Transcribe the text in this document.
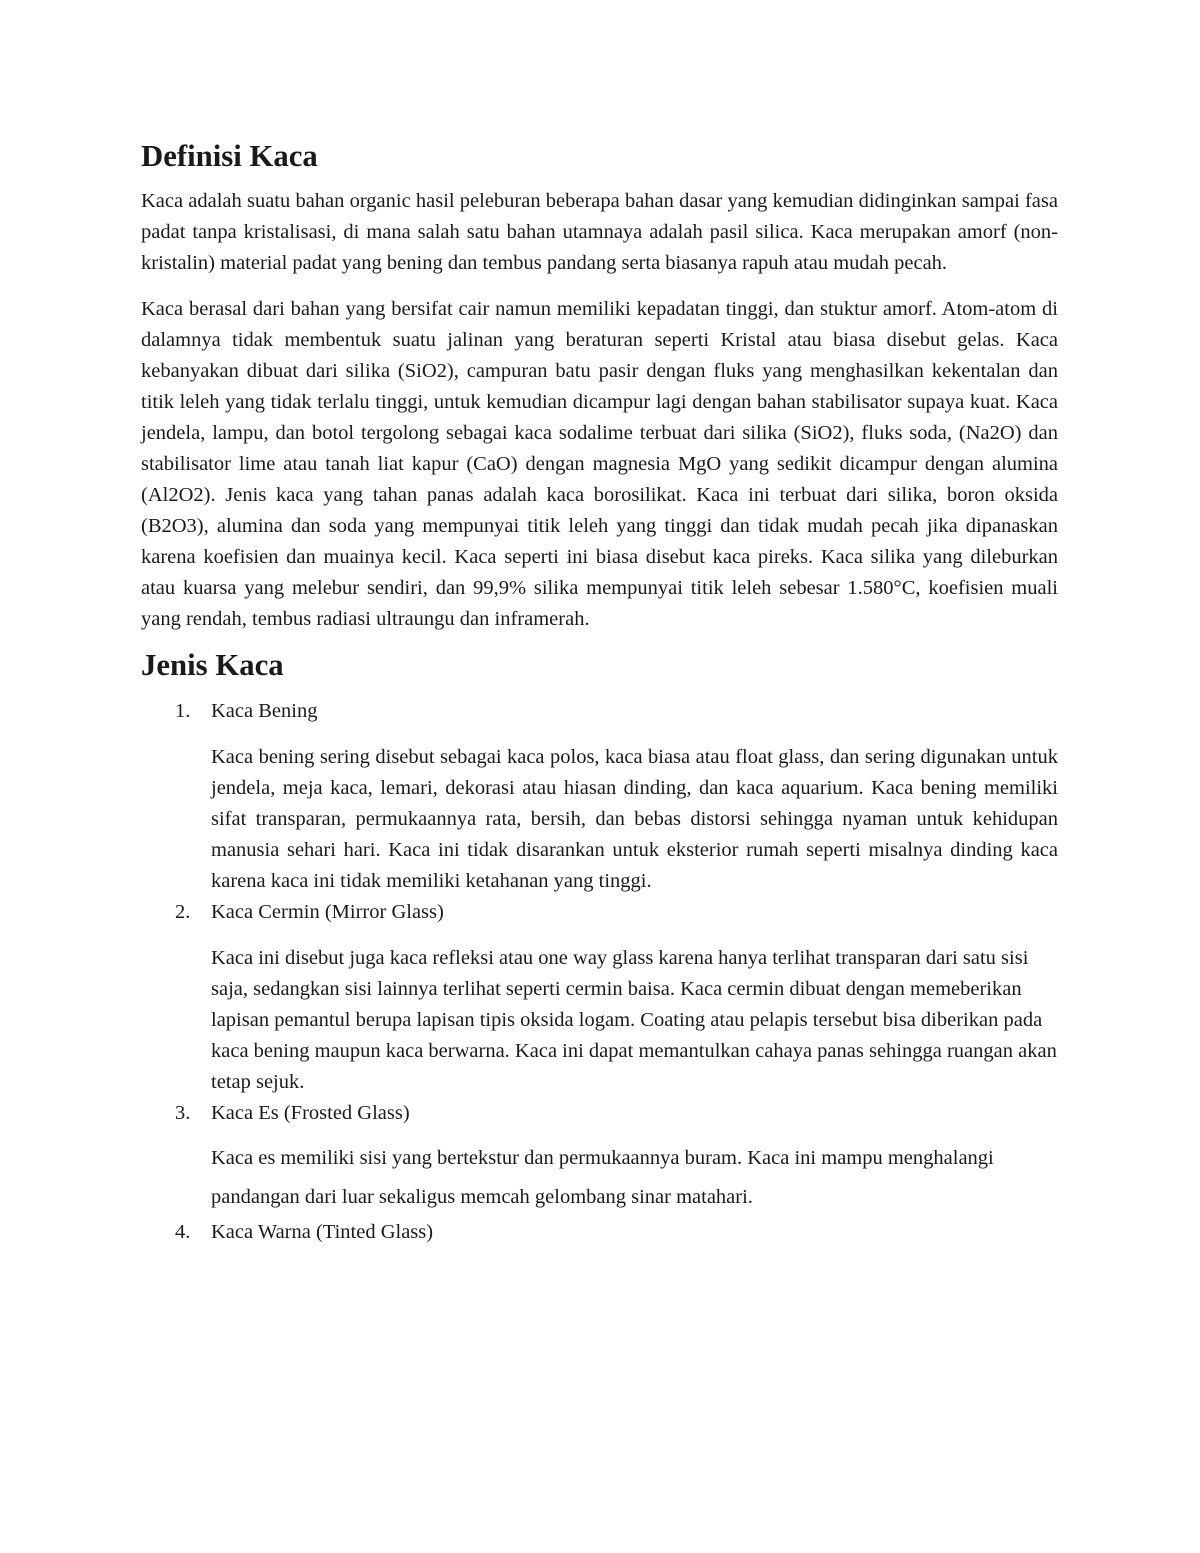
Definisi Kaca

Kaca adalah suatu bahan organic hasil peleburan beberapa bahan dasar yang kemudian didinginkan sampai fasa padat tanpa kristalisasi, di mana salah satu bahan utamnaya adalah pasil silica. Kaca merupakan amorf (non-kristalin) material padat yang bening dan tembus pandang serta biasanya rapuh atau mudah pecah.

Kaca berasal dari bahan yang bersifat cair namun memiliki kepadatan tinggi, dan stuktur amorf. Atom-atom di dalamnya tidak membentuk suatu jalinan yang beraturan seperti Kristal atau biasa disebut gelas. Kaca kebanyakan dibuat dari silika (SiO2), campuran batu pasir dengan fluks yang menghasilkan kekentalan dan titik leleh yang tidak terlalu tinggi, untuk kemudian dicampur lagi dengan bahan stabilisator supaya kuat. Kaca jendela, lampu, dan botol tergolong sebagai kaca sodalime terbuat dari silika (SiO2), fluks soda, (Na2O) dan stabilisator lime atau tanah liat kapur (CaO) dengan magnesia MgO yang sedikit dicampur dengan alumina (Al2O2). Jenis kaca yang tahan panas adalah kaca borosilikat. Kaca ini terbuat dari silika, boron oksida (B2O3), alumina dan soda yang mempunyai titik leleh yang tinggi dan tidak mudah pecah jika dipanaskan karena koefisien dan muainya kecil. Kaca seperti ini biasa disebut kaca pireks. Kaca silika yang dileburkan atau kuarsa yang melebur sendiri, dan 99,9% silika mempunyai titik leleh sebesar 1.580°C, koefisien muali yang rendah, tembus radiasi ultraungu dan inframerah.

Jenis Kaca
1. Kaca Bening

Kaca bening sering disebut sebagai kaca polos, kaca biasa atau float glass, dan sering digunakan untuk jendela, meja kaca, lemari, dekorasi atau hiasan dinding, dan kaca aquarium. Kaca bening memiliki sifat transparan, permukaannya rata, bersih, dan bebas distorsi sehingga nyaman untuk kehidupan manusia sehari hari. Kaca ini tidak disarankan untuk eksterior rumah seperti misalnya dinding kaca karena kaca ini tidak memiliki ketahanan yang tinggi.

2. Kaca Cermin (Mirror Glass)

Kaca ini disebut juga kaca refleksi atau one way glass karena hanya terlihat transparan dari satu sisi saja, sedangkan sisi lainnya terlihat seperti cermin baisa. Kaca cermin dibuat dengan memeberikan lapisan pemantul berupa lapisan tipis oksida logam. Coating atau pelapis tersebut bisa diberikan pada kaca bening maupun kaca berwarna. Kaca ini dapat memantulkan cahaya panas sehingga ruangan akan tetap sejuk.

3. Kaca Es (Frosted Glass)

Kaca es memiliki sisi yang bertekstur dan permukaannya buram. Kaca ini mampu menghalangi pandangan dari luar sekaligus memcah gelombang sinar matahari.

4. Kaca Warna (Tinted Glass)
